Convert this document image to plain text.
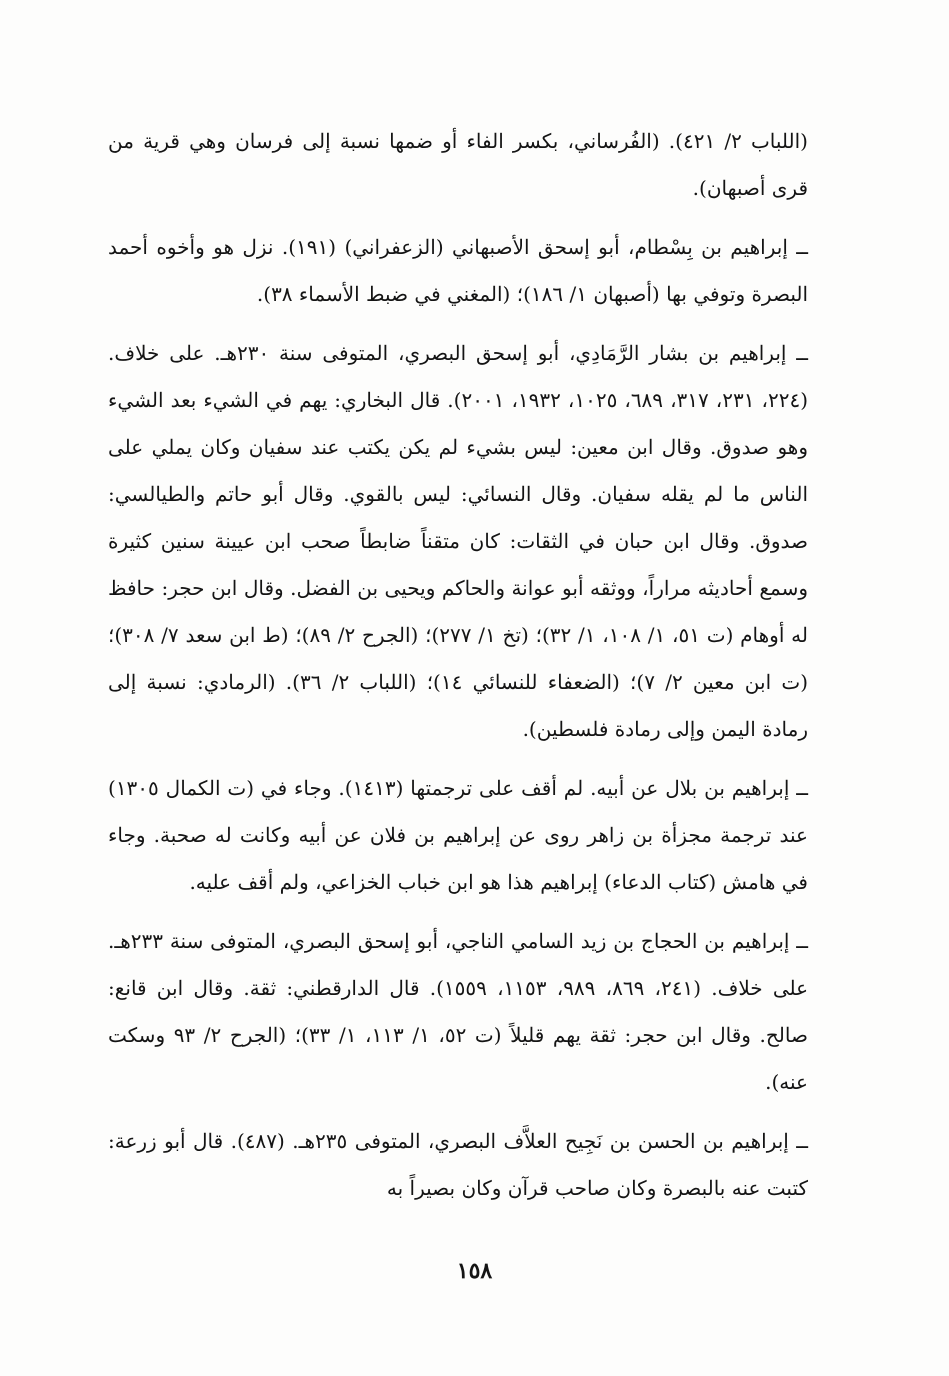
(اللباب ٢/ ٤٢١). (الفُرساني، بكسر الفاء أو ضمها نسبة إلى فرسان وهي قرية من قرى أصبهان).

ــ إبراهيم بن بِسْطام، أبو إسحق الأصبهاني (الزعفراني) (١٩١). نزل هو وأخوه أحمد البصرة وتوفي بها (أصبهان ١/ ١٨٦)؛ (المغني في ضبط الأسماء ٣٨).

ــ إبراهيم بن بشار الرَّمَادِي، أبو إسحق البصري، المتوفى سنة ٢٣٠هـ. على خلاف. (٢٢٤، ٢٣١، ٣١٧، ٦٨٩، ١٠٢٥، ١٩٣٢، ٢٠٠١). قال البخاري: يهم في الشيء بعد الشيء وهو صدوق. وقال ابن معين: ليس بشيء لم يكن يكتب عند سفيان وكان يملي على الناس ما لم يقله سفيان. وقال النسائي: ليس بالقوي. وقال أبو حاتم والطيالسي: صدوق. وقال ابن حبان في الثقات: كان متقناً ضابطاً صحب ابن عيينة سنين كثيرة وسمع أحاديثه مراراً، ووثقه أبو عوانة والحاكم ويحيى بن الفضل. وقال ابن حجر: حافظ له أوهام (ت ٥١، ١/ ١٠٨، ١/ ٣٢)؛ (تخ ١/ ٢٧٧)؛ (الجرح ٢/ ٨٩)؛ (ط ابن سعد ٧/ ٣٠٨)؛ (ت ابن معين ٢/ ٧)؛ (الضعفاء للنسائي ١٤)؛ (اللباب ٢/ ٣٦). (الرمادي: نسبة إلى رمادة اليمن وإلى رمادة فلسطين).

ــ إبراهيم بن بلال عن أبيه. لم أقف على ترجمتها (١٤١٣). وجاء في (ت الكمال ١٣٠٥) عند ترجمة مجزأة بن زاهر روى عن إبراهيم بن فلان عن أبيه وكانت له صحبة. وجاء في هامش (كتاب الدعاء) إبراهيم هذا هو ابن خباب الخزاعي، ولم أقف عليه.

ــ إبراهيم بن الحجاج بن زيد السامي الناجي، أبو إسحق البصري، المتوفى سنة ٢٣٣هـ. على خلاف. (٢٤١، ٨٦٩، ٩٨٩، ١١٥٣، ١٥٥٩). قال الدارقطني: ثقة. وقال ابن قانع: صالح. وقال ابن حجر: ثقة يهم قليلاً (ت ٥٢، ١/ ١١٣، ١/ ٣٣)؛ (الجرح ٢/ ٩٣ وسكت عنه).

ــ إبراهيم بن الحسن بن نَجِيح العلاَّف البصري، المتوفى ٢٣٥هـ. (٤٨٧). قال أبو زرعة: كتبت عنه بالبصرة وكان صاحب قرآن وكان بصيراً به

١٥٨
